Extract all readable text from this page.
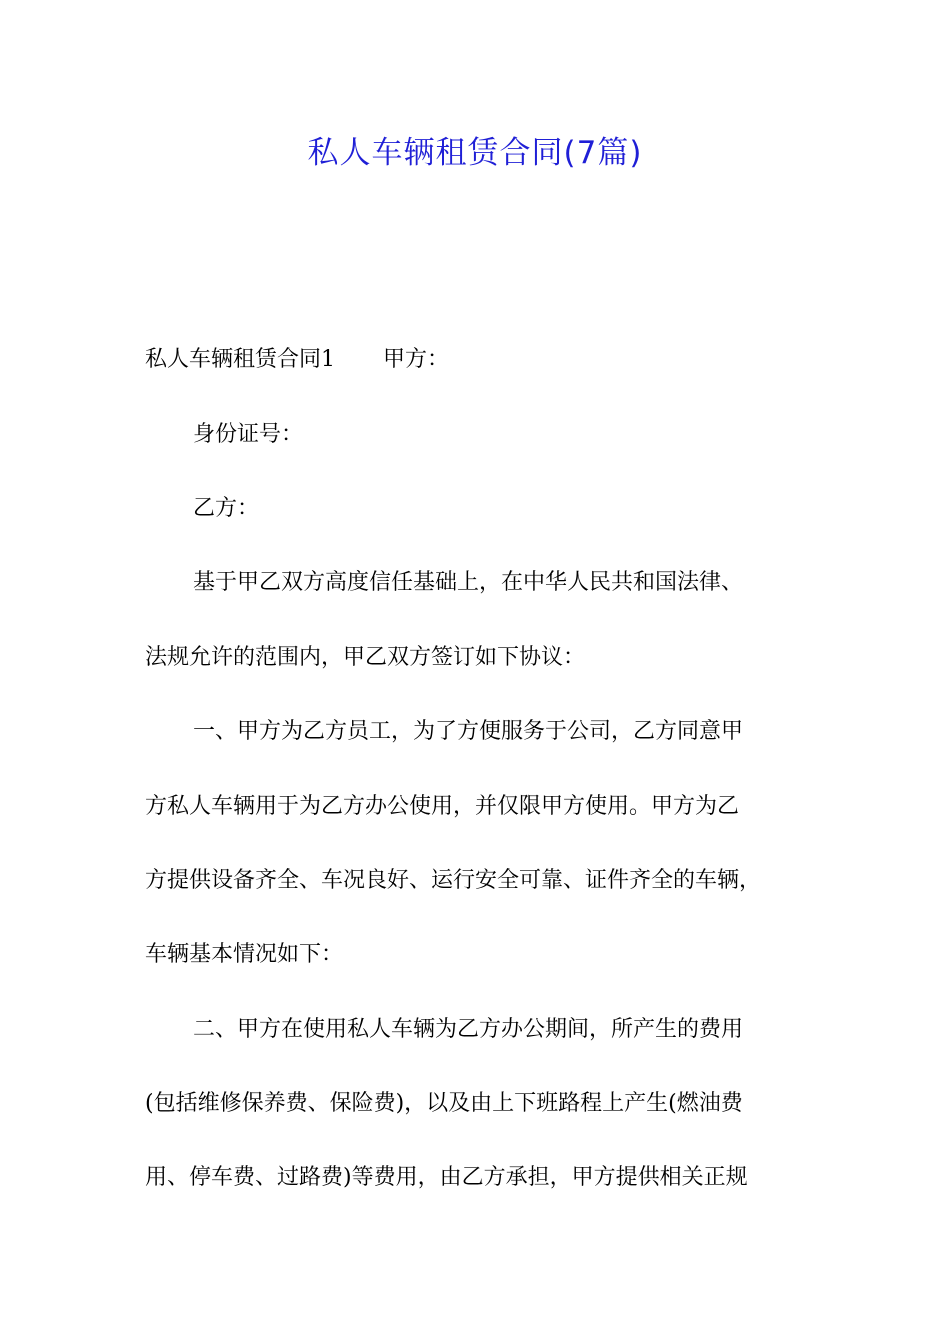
私人车辆租赁合同(7篇)
私人车辆租赁合同1 甲方：
身份证号：
乙方：
基于甲乙双方高度信任基础上，在中华人民共和国法律、
法规允许的范围内，甲乙双方签订如下协议：
一、甲方为乙方员工，为了方便服务于公司，乙方同意甲
方私人车辆用于为乙方办公使用，并仅限甲方使用。甲方为乙
方提供设备齐全、车况良好、运行安全可靠、证件齐全的车辆，
车辆基本情况如下：
二、甲方在使用私人车辆为乙方办公期间，所产生的费用
(包括维修保养费、保险费)，以及由上下班路程上产生(燃油费
用、停车费、过路费)等费用，由乙方承担，甲方提供相关正规
